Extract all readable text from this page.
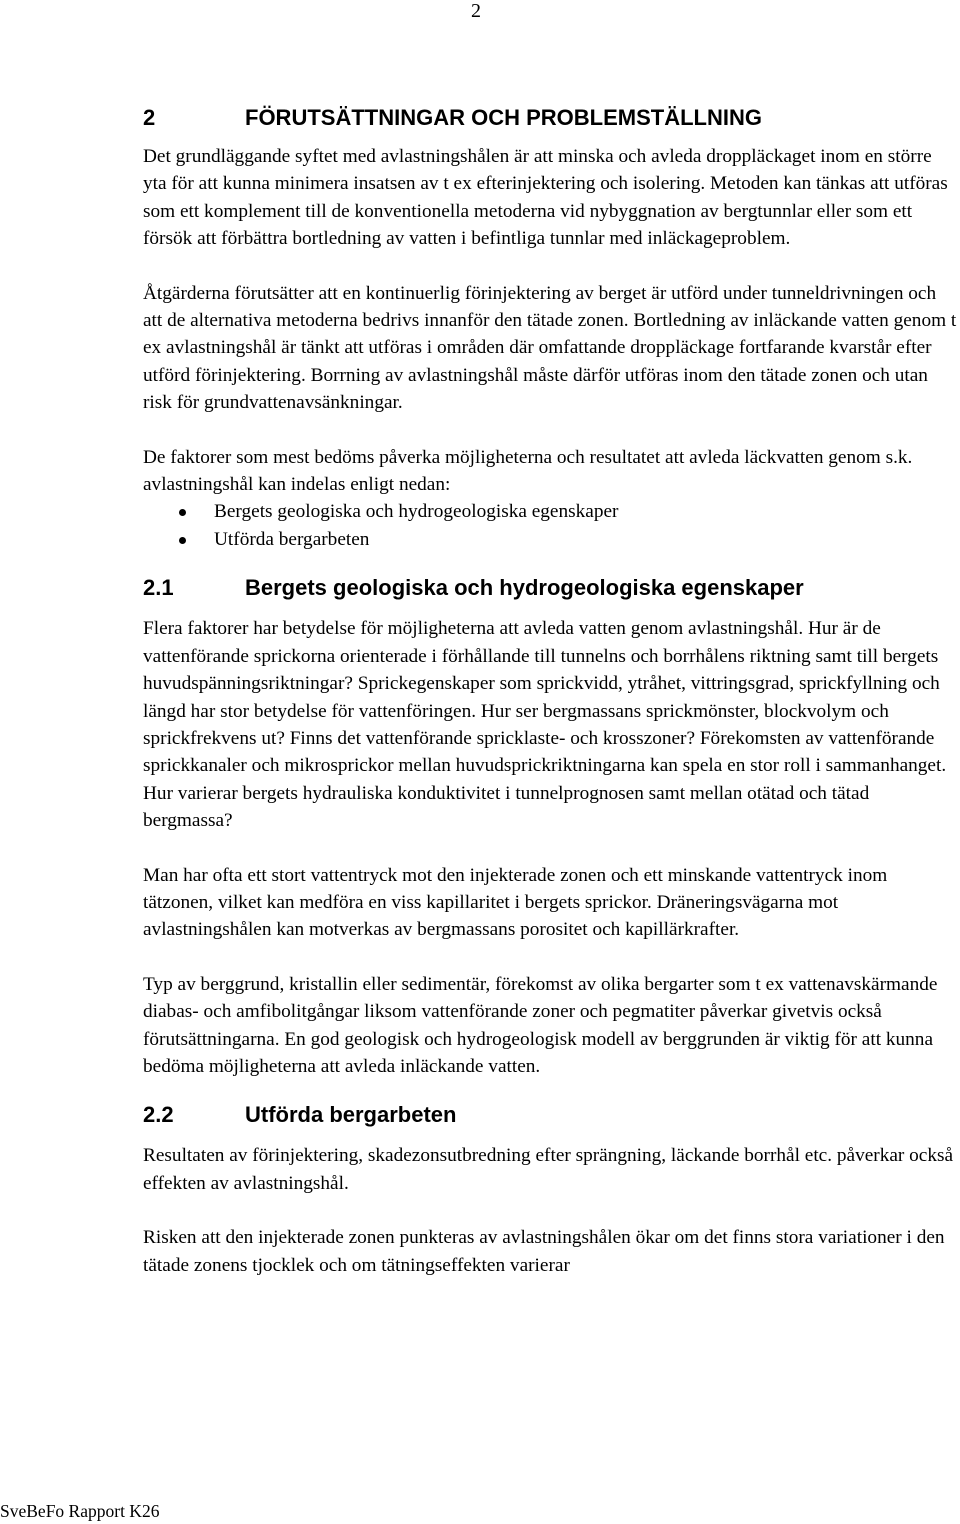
2
2	FÖRUTSÄTTNINGAR OCH PROBLEMSTÄLLNING

Det grundläggande syftet med avlastningshålen är att minska och avleda droppläckaget inom en större yta för att kunna minimera insatsen av t ex efterinjektering och isolering. Metoden kan tänkas att utföras som ett komplement till de konventionella metoderna vid nybyggnation av bergtunnlar eller som ett försök att förbättra bortledning av vatten i befintliga tunnlar med inläckageproblem.

Åtgärderna förutsätter att en kontinuerlig förinjektering av berget är utförd under tunneldrivningen och att de alternativa metoderna bedrivs innanför den tätade zonen. Bortledning av inläckande vatten genom t ex avlastningshål är tänkt att utföras i områden där omfattande droppläckage fortfarande kvarstår efter utförd förinjektering. Borrning av avlastningshål måste därför utföras inom den tätade zonen och utan risk för grundvattenavsänkningar.

De faktorer som mest bedöms påverka möjligheterna och resultatet att avleda läckvatten genom s.k. avlastningshål kan indelas enligt nedan:

Bergets geologiska och hydrogeologiska egenskaper
Utförda bergarbeten
2.1	Bergets geologiska och hydrogeologiska egenskaper

Flera faktorer har betydelse för möjligheterna att avleda vatten genom avlastningshål. Hur är de vattenförande sprickorna orienterade i förhållande till tunnelns och borrhålens riktning samt till bergets huvudspänningsriktningar? Sprickegenskaper som sprickvidd, ytråhet, vittringsgrad, sprickfyllning och längd har stor betydelse för vattenföringen. Hur ser bergmassans sprickmönster, blockvolym och sprickfrekvens ut? Finns det vattenförande spricklaste- och krosszoner? Förekomsten av vattenförande sprickkanaler och mikrosprickor mellan huvudsprickriktningarna kan spela en stor roll i sammanhanget. Hur varierar bergets hydrauliska konduktivitet i tunnelprognosen samt mellan otätad och tätad bergmassa?

Man har ofta ett stort vattentryck mot den injekterade zonen och ett minskande vattentryck inom tätzonen, vilket kan medföra en viss kapillaritet i bergets sprickor. Dräneringsvägarna mot avlastningshålen kan motverkas av bergmassans porositet och kapillärkrafter.

Typ av berggrund, kristallin eller sedimentär, förekomst av olika bergarter som t ex vattenavskärmande diabas- och amfibolitgångar liksom vattenförande zoner och pegmatiter påverkar givetvis också förutsättningarna. En god geologisk och hydrogeologisk modell av berggrunden är viktig för att kunna bedöma möjligheterna att avleda inläckande vatten.

2.2	Utförda bergarbeten

Resultaten av förinjektering, skadezonsutbredning efter sprängning, läckande borrhål etc. påverkar också effekten av avlastningshål.

Risken att den injekterade zonen punkteras av avlastningshålen ökar om det finns stora variationer i den tätade zonens tjocklek och om tätningseffekten varierar

SveBeFo Rapport K26
